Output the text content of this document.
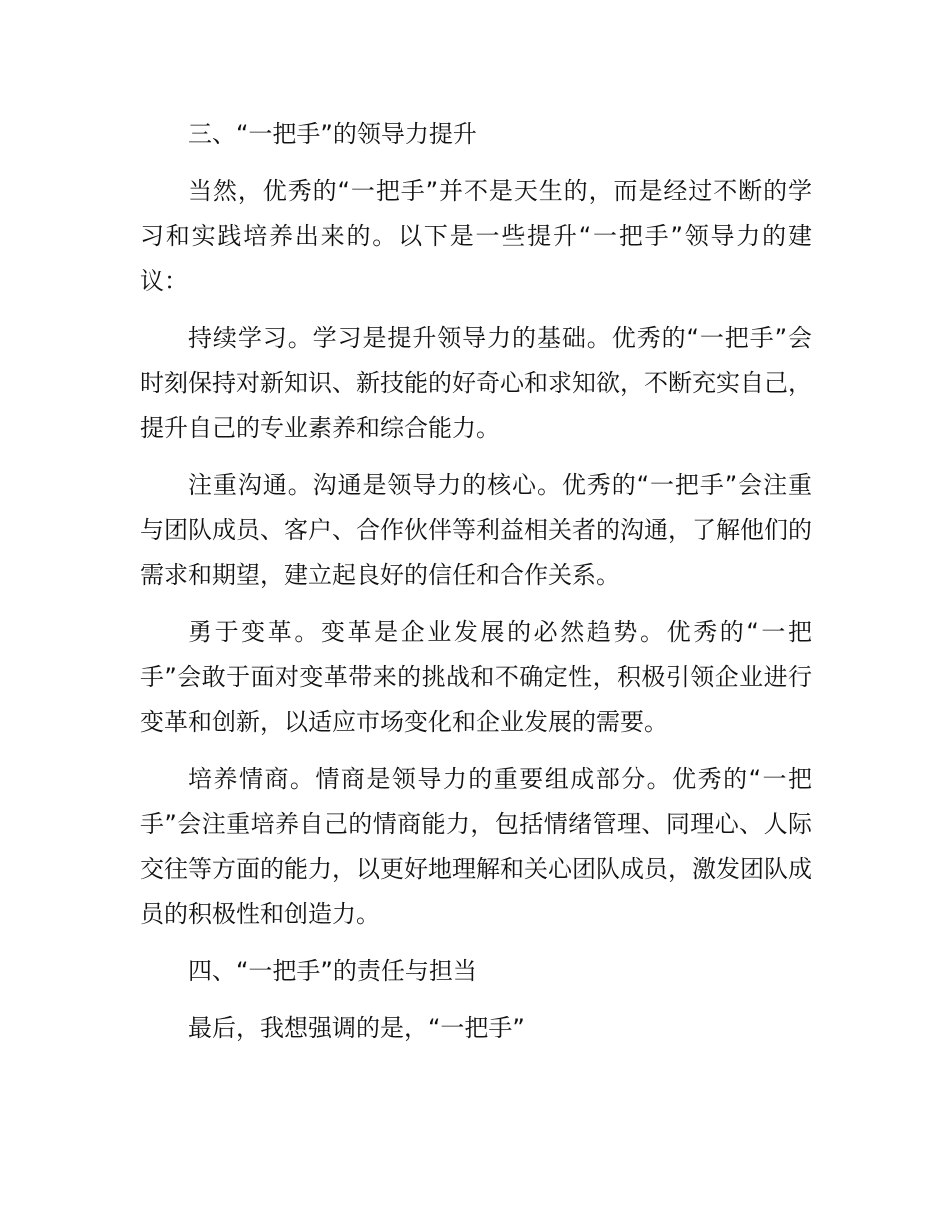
三、“一把手”的领导力提升

当然，优秀的“一把手”并不是天生的，而是经过不断的学习和实践培养出来的。以下是一些提升“一把手”领导力的建议：

持续学习。学习是提升领导力的基础。优秀的“一把手”会时刻保持对新知识、新技能的好奇心和求知欲，不断充实自己，提升自己的专业素养和综合能力。

注重沟通。沟通是领导力的核心。优秀的“一把手”会注重与团队成员、客户、合作伙伴等利益相关者的沟通，了解他们的需求和期望，建立起良好的信任和合作关系。

勇于变革。变革是企业发展的必然趋势。优秀的“一把手”会敢于面对变革带来的挑战和不确定性，积极引领企业进行变革和创新，以适应市场变化和企业发展的需要。

培养情商。情商是领导力的重要组成部分。优秀的“一把手”会注重培养自己的情商能力，包括情绪管理、同理心、人际交往等方面的能力，以更好地理解和关心团队成员，激发团队成员的积极性和创造力。

四、“一把手”的责任与担当

最后，我想强调的是，“一把手”
